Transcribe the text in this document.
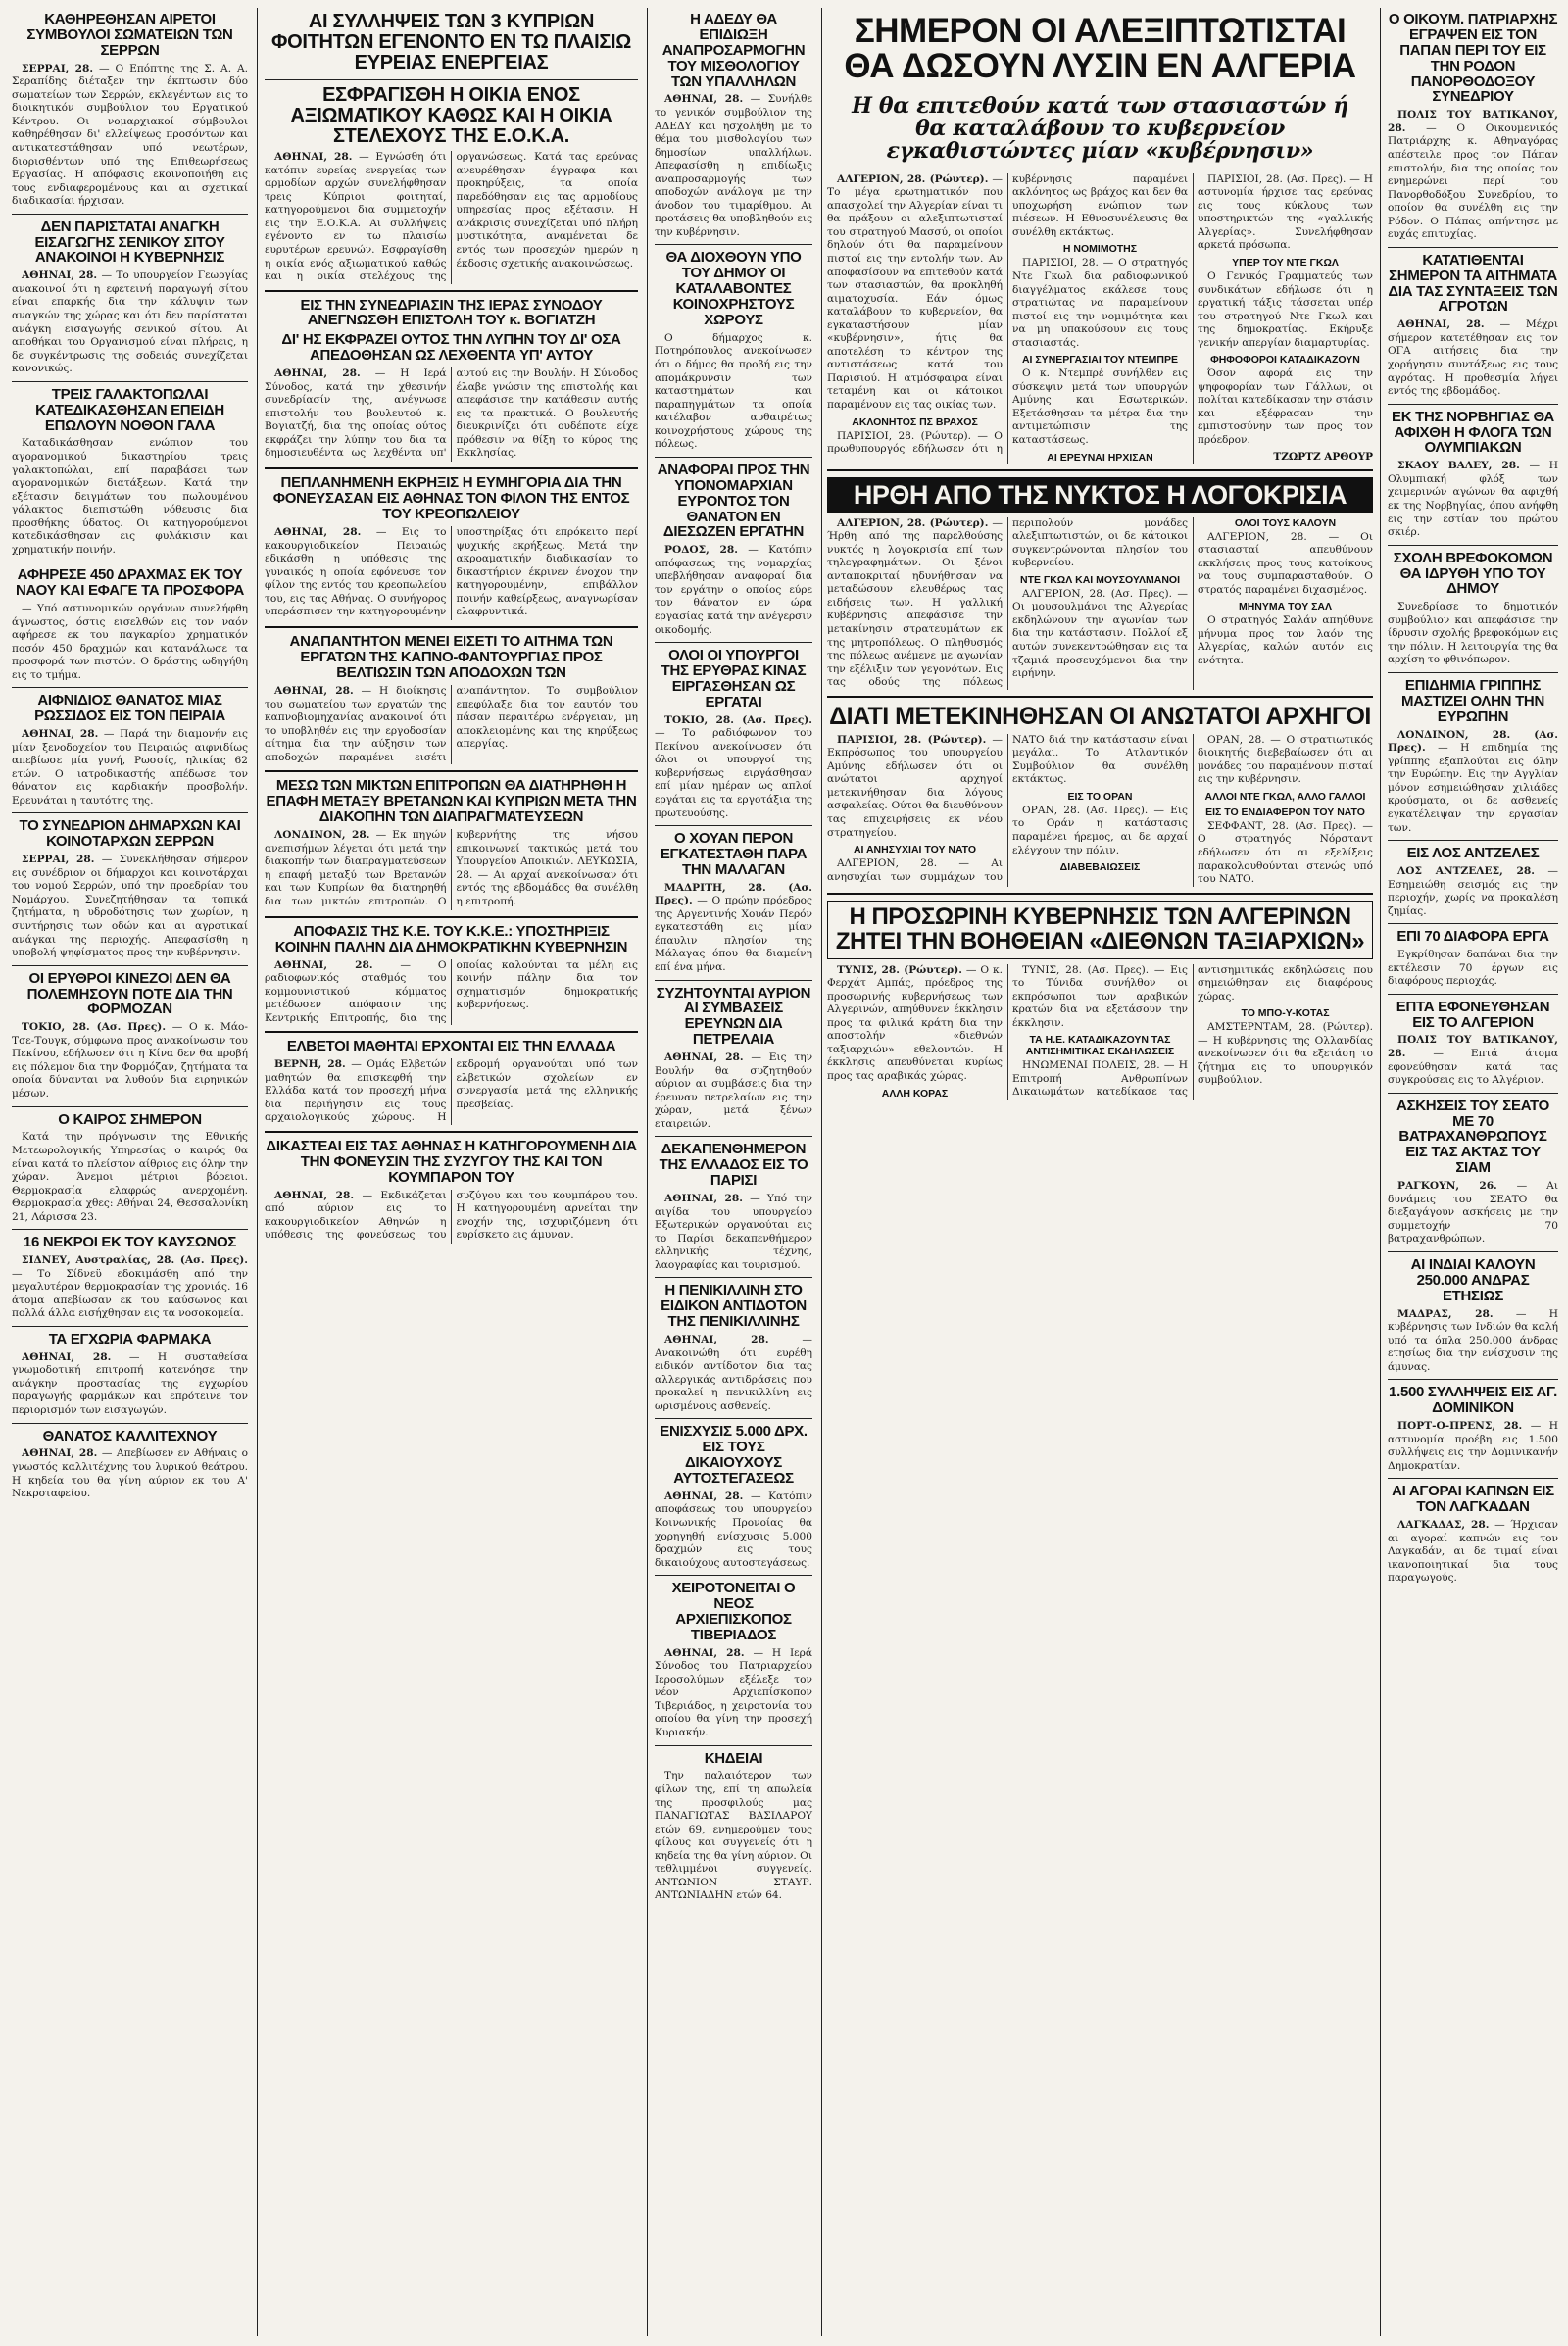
ΚΑΘΗΡΕΘΗΣΑΝ ΑΙΡΕΤΟΙ ΣΥΜΒΟΥΛΟΙ ΣΩΜΑΤΕΙΩΝ ΤΩΝ ΣΕΡΡΩΝ

ΣΕΡΡΑΙ, 28. — Ο Επόπτης της Σ. Α. Α. Σεραπίδης διέταξεν την έκπτωσιν δύο σωματείων των Σερρών, εκλεγέντων εις το διοικητικόν συμβούλιον του Εργατικού Κέντρου. Οι νομαρχιακοί σύμβουλοι καθηρέθησαν δι' ελλείψεως προσόντων και αντικατεστάθησαν υπό νεωτέρων, διορισθέντων υπό της Επιθεωρήσεως Εργασίας. Η απόφασις εκοινοποιήθη εις τους ενδιαφερομένους και αι σχετικαί διαδικασίαι ήρχισαν.

ΔΕΝ ΠΑΡΙΣΤΑΤΑΙ ΑΝΑΓΚΗ ΕΙΣΑΓΩΓΗΣ ΣΕΝΙΚΟΥ ΣΙΤΟΥ ΑΝΑΚΟΙΝΟΙ Η ΚΥΒΕΡΝΗΣΙΣ

ΑΘΗΝΑΙ, 28. — Το υπουργείον Γεωργίας ανακοινοί ότι η εφετεινή παραγωγή σίτου είναι επαρκής δια την κάλυψιν των αναγκών της χώρας και ότι δεν παρίσταται ανάγκη εισαγωγής σενικού σίτου. Αι αποθήκαι του Οργανισμού είναι πλήρεις, η δε συγκέντρωσις της σοδειάς συνεχίζεται κανονικώς.

ΤΡΕΙΣ ΓΑΛΑΚΤΟΠΩΛΑΙ ΚΑΤΕΔΙΚΑΣΘΗΣΑΝ ΕΠΕΙΔΗ ΕΠΩΛΟΥΝ ΝΟΘΟΝ ΓΑΛΑ

Καταδικάσθησαν ενώπιον του αγορανομικού δικαστηρίου τρεις γαλακτοπώλαι, επί παραβάσει των αγορανομικών διατάξεων. Κατά την εξέτασιν δειγμάτων του πωλουμένου γάλακτος διεπιστώθη νόθευσις δια προσθήκης ύδατος. Οι κατηγορούμενοι κατεδικάσθησαν εις φυλάκισιν και χρηματικήν ποινήν.

ΑΦΗΡΕΣΕ 450 ΔΡΑΧΜΑΣ ΕΚ ΤΟΥ ΝΑΟΥ ΚΑΙ ΕΦΑΓΕ ΤΑ ΠΡΟΣΦΟΡΑ

— Υπό αστυνομικών οργάνων συνελήφθη άγνωστος, όστις εισελθών εις τον ναόν αφήρεσε εκ του παγκαρίου χρηματικόν ποσόν 450 δραχμών και κατανάλωσε τα προσφορά των πιστών. Ο δράστης ωδηγήθη εις το τμήμα.

ΑΙΦΝΙΔΙΟΣ ΘΑΝΑΤΟΣ ΜΙΑΣ ΡΩΣΣΙΔΟΣ ΕΙΣ ΤΟΝ ΠΕΙΡΑΙΑ

ΑΘΗΝΑΙ, 28. — Παρά την διαμονήν εις μίαν ξενοδοχείον του Πειραιώς αιφνιδίως απεβίωσε μία γυνή, Ρωσσίς, ηλικίας 62 ετών. Ο ιατροδικαστής απέδωσε τον θάνατον εις καρδιακήν προσβολήν. Ερευνάται η ταυτότης της.

ΤΟ ΣΥΝΕΔΡΙΟΝ ΔΗΜΑΡΧΩΝ ΚΑΙ ΚΟΙΝΟΤΑΡΧΩΝ ΣΕΡΡΩΝ

ΣΕΡΡΑΙ, 28. — Συνεκλήθησαν σήμερον εις συνέδριον οι δήμαρχοι και κοινοτάρχαι του νομού Σερρών, υπό την προεδρίαν του Νομάρχου. Συνεζητήθησαν τα τοπικά ζητήματα, η υδροδότησις των χωρίων, η συντήρησις των οδών και αι αγροτικαί ανάγκαι της περιοχής. Απεφασίσθη η υποβολή ψηφίσματος προς την κυβέρνησιν.

ΟΙ ΕΡΥΘΡΟΙ ΚΙΝΕΖΟΙ ΔΕΝ ΘΑ ΠΟΛΕΜΗΣΟΥΝ ΠΟΤΕ ΔΙΑ ΤΗΝ ΦΟΡΜΟΖΑΝ

ΤΟΚΙΟ, 28. (Ασ. Πρες). — Ο κ. Μάο-Τσε-Τουγκ, σύμφωνα προς ανακοίνωσιν του Πεκίνου, εδήλωσεν ότι η Κίνα δεν θα προβή εις πόλεμον δια την Φορμόζαν, ζητήματα τα οποία δύνανται να λυθούν δια ειρηνικών μέσων.

Ο ΚΑΙΡΟΣ ΣΗΜΕΡΟΝ

Κατά την πρόγνωσιν της Εθνικής Μετεωρολογικής Υπηρεσίας ο καιρός θα είναι κατά το πλείστον αίθριος εις όλην την χώραν. Άνεμοι μέτριοι βόρειοι. Θερμοκρασία ελαφρώς ανερχομένη. Θερμοκρασία χθες: Αθήναι 24, Θεσσαλονίκη 21, Λάρισσα 23.

16 ΝΕΚΡΟΙ ΕΚ ΤΟΥ ΚΑΥΣΩΝΟΣ

ΣΙΔΝΕΥ, Αυστραλίας, 28. (Ασ. Πρες). — Το Σίδνεϋ εδοκιμάσθη από την μεγαλυτέραν θερμοκρασίαν της χρονιάς. 16 άτομα απεβίωσαν εκ του καύσωνος και πολλά άλλα εισήχθησαν εις τα νοσοκομεία.

ΤΑ ΕΓΧΩΡΙΑ ΦΑΡΜΑΚΑ

ΑΘΗΝΑΙ, 28. — Η συσταθείσα γνωμοδοτική επιτροπή κατενόησε την ανάγκην προστασίας της εγχωρίου παραγωγής φαρμάκων και επρότεινε τον περιορισμόν των εισαγωγών.

ΘΑΝΑΤΟΣ ΚΑΛΛΙΤΕΧΝΟΥ

ΑΘΗΝΑΙ, 28. — Απεβίωσεν εν Αθήναις ο γνωστός καλλιτέχνης του λυρικού θεάτρου. Η κηδεία του θα γίνη αύριον εκ του Α' Νεκροταφείου.

ΑΙ ΣΥΛΛΗΨΕΙΣ ΤΩΝ 3 ΚΥΠΡΙΩΝ ΦΟΙΤΗΤΩΝ ΕΓΕΝΟΝΤΟ ΕΝ ΤΩ ΠΛΑΙΣΙΩ ΕΥΡΕΙΑΣ ΕΝΕΡΓΕΙΑΣ
ΕΣΦΡΑΓΙΣΘΗ Η ΟΙΚΙΑ ΕΝΟΣ ΑΞΙΩΜΑΤΙΚΟΥ ΚΑΘΩΣ ΚΑΙ Η ΟΙΚΙΑ ΣΤΕΛΕΧΟΥΣ ΤΗΣ Ε.Ο.Κ.Α.

ΑΘΗΝΑΙ, 28. — Εγνώσθη ότι κατόπιν ευρείας ενεργείας των αρμοδίων αρχών συνελήφθησαν τρεις Κύπριοι φοιτηταί, κατηγορούμενοι δια συμμετοχήν εις την Ε.Ο.Κ.Α. Αι συλλήψεις εγένοντο εν τω πλαισίω ευρυτέρων ερευνών. Εσφραγίσθη η οικία ενός αξιωματικού καθώς και η οικία στελέχους της οργανώσεως. Κατά τας ερεύνας ανευρέθησαν έγγραφα και προκηρύξεις, τα οποία παρεδόθησαν εις τας αρμοδίους υπηρεσίας προς εξέτασιν. Η ανάκρισις συνεχίζεται υπό πλήρη μυστικότητα, αναμένεται δε εντός των προσεχών ημερών η έκδοσις σχετικής ανακοινώσεως.

ΕΙΣ ΤΗΝ ΣΥΝΕΔΡΙΑΣΙΝ ΤΗΣ ΙΕΡΑΣ ΣΥΝΟΔΟΥ ΑΝΕΓΝΩΣΘΗ ΕΠΙΣΤΟΛΗ ΤΟΥ κ. ΒΟΓΙΑΤΖΗ
ΔΙ' ΗΣ ΕΚΦΡΑΖΕΙ ΟΥΤΟΣ ΤΗΝ ΛΥΠΗΝ ΤΟΥ ΔΙ' ΟΣΑ ΑΠΕΔΟΘΗΣΑΝ ΩΣ ΛΕΧΘΕΝΤΑ ΥΠ' ΑΥΤΟΥ

ΑΘΗΝΑΙ, 28. — Η Ιερά Σύνοδος, κατά την χθεσινήν συνεδρίασίν της, ανέγνωσε επιστολήν του βουλευτού κ. Βογιατζή, δια της οποίας ούτος εκφράζει την λύπην του δια τα δημοσιευθέντα ως λεχθέντα υπ' αυτού εις την Βουλήν. Η Σύνοδος έλαβε γνώσιν της επιστολής και απεφάσισε την κατάθεσιν αυτής εις τα πρακτικά. Ο βουλευτής διευκρινίζει ότι ουδέποτε είχε πρόθεσιν να θίξη το κύρος της Εκκλησίας.

ΠΕΠΛΑΝΗΜΕΝΗ ΕΚΡΗΞΙΣ Η ΕΥΜΗΓΟΡΙΑ ΔΙΑ ΤΗΝ ΦΟΝΕΥΣΑΣΑΝ ΕΙΣ ΑΘΗΝΑΣ ΤΟΝ ΦΙΛΟΝ ΤΗΣ ΕΝΤΟΣ ΤΟΥ ΚΡΕΟΠΩΛΕΙΟΥ

ΑΘΗΝΑΙ, 28. — Εις το κακουργιοδικείον Πειραιώς εδικάσθη η υπόθεσις της γυναικός η οποία εφόνευσε τον φίλον της εντός του κρεοπωλείου του, εις τας Αθήνας. Ο συνήγορος υπεράσπισεν την κατηγορουμένην υποστηρίξας ότι επρόκειτο περί ψυχικής εκρήξεως. Μετά την ακροαματικήν διαδικασίαν το δικαστήριον έκρινεν ένοχον την κατηγορουμένην, επιβάλλον ποινήν καθείρξεως, αναγνωρίσαν ελαφρυντικά.

ΑΝΑΠΑΝΤΗΤΟΝ ΜΕΝΕΙ ΕΙΣΕΤΙ ΤΟ ΑΙΤΗΜΑ ΤΩΝ ΕΡΓΑΤΩΝ ΤΗΣ ΚΑΠΝΟ-ΦΑΝΤΟΥΡΓΙΑΣ ΠΡΟΣ ΒΕΛΤΙΩΣΙΝ ΤΩΝ ΑΠΟΔΟΧΩΝ ΤΩΝ

ΑΘΗΝΑΙ, 28. — Η διοίκησις του σωματείου των εργατών της καπνοβιομηχανίας ανακοινοί ότι το υποβληθέν εις την εργοδοσίαν αίτημα δια την αύξησιν των αποδοχών παραμένει εισέτι αναπάντητον. Το συμβούλιον επεφύλαξε δια τον εαυτόν του πάσαν περαιτέρω ενέργειαν, μη αποκλειομένης και της κηρύξεως απεργίας.

ΜΕΣΩ ΤΩΝ ΜΙΚΤΩΝ ΕΠΙΤΡΟΠΩΝ ΘΑ ΔΙΑΤΗΡΗΘΗ Η ΕΠΑΦΗ ΜΕΤΑΞΥ ΒΡΕΤΑΝΩΝ ΚΑΙ ΚΥΠΡΙΩΝ ΜΕΤΑ ΤΗΝ ΔΙΑΚΟΠΗΝ ΤΩΝ ΔΙΑΠΡΑΓΜΑΤΕΥΣΕΩΝ

ΛΟΝΔΙΝΟΝ, 28. — Εκ πηγών ανεπισήμων λέγεται ότι μετά την διακοπήν των διαπραγματεύσεων η επαφή μεταξύ των Βρετανών και των Κυπρίων θα διατηρηθή δια των μικτών επιτροπών. Ο κυβερνήτης της νήσου επικοινωνεί τακτικώς μετά του Υπουργείου Αποικιών. ΛΕΥΚΩΣΙΑ, 28. — Αι αρχαί ανεκοίνωσαν ότι εντός της εβδομάδος θα συνέλθη η επιτροπή.

ΑΠΟΦΑΣΙΣ ΤΗΣ Κ.Ε. ΤΟΥ Κ.Κ.Ε.: ΥΠΟΣΤΗΡΙΞΙΣ ΚΟΙΝΗΝ ΠΑΛΗΝ ΔΙΑ ΔΗΜΟΚΡΑΤΙΚΗΝ ΚΥΒΕΡΝΗΣΙΝ

ΑΘΗΝΑΙ, 28.	— Ο ραδιοφωνικός σταθμός του κομμουνιστικού κόμματος μετέδωσεν απόφασιν της Κεντρικής Επιτροπής, δια της οποίας καλούνται τα μέλη εις κοινήν πάλην δια τον σχηματισμόν δημοκρατικής κυβερνήσεως.

ΕΛΒΕΤΟΙ ΜΑΘΗΤΑΙ ΕΡΧΟΝΤΑΙ ΕΙΣ ΤΗΝ ΕΛΛΑΔΑ

ΒΕΡΝΗ, 28. — Ομάς Ελβετών μαθητών θα επισκεφθή την Ελλάδα κατά τον προσεχή μήνα δια περιήγησιν εις τους αρχαιολογικούς χώρους. Η εκδρομή οργανούται υπό των ελβετικών σχολείων εν συνεργασία μετά της ελληνικής πρεσβείας.

ΔΙΚΑΣΤΕΑΙ ΕΙΣ ΤΑΣ ΑΘΗΝΑΣ Η ΚΑΤΗΓΟΡΟΥΜΕΝΗ ΔΙΑ ΤΗΝ ΦΟΝΕΥΣΙΝ ΤΗΣ ΣΥΖΥΓΟΥ ΤΗΣ ΚΑΙ ΤΟΝ ΚΟΥΜΠΑΡΟΝ ΤΟΥ

ΑΘΗΝΑΙ, 28. — Εκδικάζεται από αύριον εις το κακουργιοδικείον Αθηνών η υπόθεσις της φονεύσεως του συζύγου και του κουμπάρου του. Η κατηγορουμένη αρνείται την ενοχήν της, ισχυριζόμενη ότι ευρίσκετο εις άμυναν.

Η ΑΔΕΔΥ ΘΑ ΕΠΙΔΙΩΞΗ ΑΝΑΠΡΟΣΑΡΜΟΓΗΝ ΤΟΥ ΜΙΣΘΟΛΟΓΙΟΥ ΤΩΝ ΥΠΑΛΛΗΛΩΝ

ΑΘΗΝΑΙ, 28. — Συνήλθε το γενικόν συμβούλιον της ΑΔΕΔΥ και ησχολήθη με το θέμα του μισθολογίου των δημοσίων υπαλλήλων. Απεφασίσθη η επιδίωξις αναπροσαρμογής των αποδοχών ανάλογα με την άνοδον του τιμαρίθμου. Αι προτάσεις θα υποβληθούν εις την κυβέρνησιν.

ΘΑ ΔΙΟΧΘΟΥΝ ΥΠΟ ΤΟΥ ΔΗΜΟΥ ΟΙ ΚΑΤΑΛΑΒΟΝΤΕΣ ΚΟΙΝΟΧΡΗΣΤΟΥΣ ΧΩΡΟΥΣ

Ο δήμαρχος κ. Ποτηρόπουλος ανεκοίνωσεν ότι ο δήμος θα προβή εις την απομάκρυνσιν των καταστημάτων και παραπηγμάτων τα οποία κατέλαβον αυθαιρέτως κοινοχρήστους χώρους της πόλεως.

ΑΝΑΦΟΡΑΙ ΠΡΟΣ ΤΗΝ ΥΠΟΝΟΜΑΡΧΙΑΝ ΕΥΡΟΝΤΟΣ ΤΟΝ ΘΑΝΑΤΟΝ ΕΝ ΔΙΕΣΩΖΕΝ ΕΡΓΑΤΗΝ

ΡΟΔΟΣ, 28. — Κατόπιν απόφασεως της νομαρχίας υπεβλήθησαν αναφοραί δια τον εργάτην ο οποίος εύρε τον θάνατον εν ώρα εργασίας κατά την ανέγερσιν οικοδομής.

ΟΛΟΙ ΟΙ ΥΠΟΥΡΓΟΙ ΤΗΣ ΕΡΥΘΡΑΣ ΚΙΝΑΣ ΕΙΡΓΑΣΘΗΣΑΝ ΩΣ ΕΡΓΑΤΑΙ

ΤΟΚΙΟ, 28. (Ασ. Πρες). — Το ραδιόφωνον του Πεκίνου ανεκοίνωσεν ότι όλοι οι υπουργοί της κυβερνήσεως ειργάσθησαν επί μίαν ημέραν ως απλοί εργάται εις τα εργοτάξια της πρωτευούσης.

Ο ΧΟΥΑΝ ΠΕΡΟΝ ΕΓΚΑΤΕΣΤΑΘΗ ΠΑΡΑ ΤΗΝ ΜΑΛΑΓΑΝ

ΜΑΔΡΙΤΗ, 28. (Ασ. Πρες). — Ο πρώην πρόεδρος της Αργεντινής Χουάν Περόν εγκατεστάθη εις μίαν έπαυλιν πλησίον της Μάλαγας όπου θα διαμείνη επί ένα μήνα.

ΣΥΖΗΤΟΥΝΤΑΙ ΑΥΡΙΟΝ ΑΙ ΣΥΜΒΑΣΕΙΣ ΕΡΕΥΝΩΝ ΔΙΑ ΠΕΤΡΕΛΑΙΑ

ΑΘΗΝΑΙ, 28. — Εις την Βουλήν θα συζητηθούν αύριον αι συμβάσεις δια την έρευναν πετρελαίων εις την χώραν, μετά ξένων εταιρειών.

ΔΕΚΑΠΕΝΘΗΜΕΡΟΝ ΤΗΣ ΕΛΛΑΔΟΣ ΕΙΣ ΤΟ ΠΑΡΙΣΙ

ΑΘΗΝΑΙ, 28. — Υπό την αιγίδα του υπουργείου Εξωτερικών οργανούται εις το Παρίσι δεκαπενθήμερον ελληνικής τέχνης, λαογραφίας και τουρισμού.

Η ΠΕΝΙΚΙΛΛΙΝΗ ΣΤΟ ΕΙΔΙΚΟΝ ΑΝΤΙΔΟΤΟΝ ΤΗΣ ΠΕΝΙΚΙΛΛΙΝΗΣ

ΑΘΗΝΑΙ, 28.	— Ανακοινώθη ότι ευρέθη ειδικόν αντίδοτον δια τας αλλεργικάς αντιδράσεις που προκαλεί η πενικιλλίνη εις ωρισμένους ασθενείς.

ΕΝΙΣΧΥΣΙΣ 5.000 ΔΡΧ. ΕΙΣ ΤΟΥΣ ΔΙΚΑΙΟΥΧΟΥΣ ΑΥΤΟΣΤΕΓΑΣΕΩΣ

ΑΘΗΝΑΙ, 28. — Κατόπιν αποφάσεως του υπουργείου Κοινωνικής Προνοίας θα χορηγηθή ενίσχυσις 5.000 δραχμών εις τους δικαιούχους αυτοστεγάσεως.

ΧΕΙΡΟΤΟΝΕΙΤΑΙ Ο ΝΕΟΣ ΑΡΧΙΕΠΙΣΚΟΠΟΣ ΤΙΒΕΡΙΑΔΟΣ

ΑΘΗΝΑΙ, 28. — Η Ιερά Σύνοδος του Πατριαρχείου Ιεροσολύμων εξέλεξε τον νέον Αρχιεπίσκοπον Τιβεριάδος, η χειροτονία του οποίου θα γίνη την προσεχή Κυριακήν.

ΚΗΔΕΙΑΙ

Την παλαιότερον των φίλων της, επί τη απωλεία της προσφιλούς μας ΠΑΝΑΓΙΩΤΑΣ ΒΑΣΙΛΑΡΟΥ ετών 69, ενημερούμεν τους φίλους και συγγενείς ότι η κηδεία της θα γίνη αύριον. Οι τεθλιμμένοι συγγενείς. ΑΝΤΩΝΙΟΝ ΣΤΑΥΡ. ΑΝΤΩΝΙΑΔΗΝ ετών 64.

ΣΗΜΕΡΟΝ ΟΙ ΑΛΕΞΙΠΤΩΤΙΣΤΑΙ ΘΑ ΔΩΣΟΥΝ ΛΥΣΙΝ ΕΝ ΑΛΓΕΡΙΑ
Η θα επιτεθούν κατά των στασιαστών ή θα καταλάβουν το κυβερνείον εγκαθιστώντες μίαν «κυβέρνησιν»

ΑΛΓΕΡΙΟΝ, 28. (Ρώυτερ). — Το μέγα ερωτηματικόν που απασχολεί την Αλγερίαν είναι τι θα πράξουν οι αλεξιπτωτισταί του στρατηγού Μασσύ, οι οποίοι δηλούν ότι θα παραμείνουν πιστοί εις την εντολήν των. Αν αποφασίσουν να επιτεθούν κατά των στασιαστών, θα προκληθή αιματοχυσία. Εάν όμως καταλάβουν το κυβερνείον, θα εγκαταστήσουν μίαν «κυβέρνησιν», ήτις θα αποτελέση το κέντρον της αντιστάσεως κατά του Παρισιού. Η ατμόσφαιρα είναι τεταμένη και οι κάτοικοι παραμένουν εις τας οικίας των.

ΑΚΛΟΝΗΤΟΣ ΠΣ ΒΡΑΧΟΣ

ΠΑΡΙΣΙΟΙ, 28. (Ρώυτερ). — Ο πρωθυπουργός εδήλωσεν ότι η κυβέρνησις παραμένει ακλόνητος ως βράχος και δεν θα υποχωρήση ενώπιον των πιέσεων. Η Εθνοσυνέλευσις θα συνέλθη εκτάκτως.

Η ΝΟΜΙΜΟΤΗΣ

ΠΑΡΙΣΙΟΙ, 28. — Ο στρατηγός Ντε Γκωλ δια ραδιοφωνικού διαγγέλματος εκάλεσε τους στρατιώτας να παραμείνουν πιστοί εις την νομιμότητα και να μη υπακούσουν εις τους στασιαστάς.

ΑΙ ΣΥΝΕΡΓΑΣΙΑΙ ΤΟΥ ΝΤΕΜΠΡΕ

Ο κ. Ντεμπρέ συνήλθεν εις σύσκεψιν μετά των υπουργών Αμύνης και Εσωτερικών. Εξετάσθησαν τα μέτρα δια την αντιμετώπισιν της καταστάσεως.

ΑΙ ΕΡΕΥΝΑΙ ΗΡΧΙΣΑΝ

ΠΑΡΙΣΙΟΙ, 28. (Ασ. Πρες). — Η αστυνομία ήρχισε τας ερεύνας εις τους κύκλους των υποστηρικτών της «γαλλικής Αλγερίας». Συνελήφθησαν αρκετά πρόσωπα.

ΥΠΕΡ ΤΟΥ ΝΤΕ ΓΚΩΛ

Ο Γενικός Γραμματεύς των συνδικάτων εδήλωσε ότι η εργατική τάξις τάσσεται υπέρ του στρατηγού Ντε Γκωλ και της δημοκρατίας. Εκήρυξε γενικήν απεργίαν διαμαρτυρίας.

ΦΗΦΟΦΟΡΟΙ ΚΑΤΑΔΙΚΑΖΟΥΝ

Όσον αφορά εις την ψηφοφορίαν των Γάλλων, οι πολίται κατεδίκασαν την στάσιν και εξέφρασαν την εμπιστοσύνην των προς τον πρόεδρον.

ΤΖΩΡΤΖ ΑΡΘΟΥΡ
ΗΡΘΗ ΑΠΟ ΤΗΣ ΝΥΚΤΟΣ Η ΛΟΓΟΚΡΙΣΙΑ

ΑΛΓΕΡΙΟΝ, 28. (Ρώυτερ). — Ήρθη από της παρελθούσης νυκτός η λογοκρισία επί των τηλεγραφημάτων. Οι ξένοι ανταποκριταί ηδυνήθησαν να μεταδώσουν ελευθέρως τας ειδήσεις των. Η γαλλική κυβέρνησις απεφάσισε την μετακίνησιν στρατευμάτων εκ της μητροπόλεως. Ο πληθυσμός της πόλεως ανέμενε με αγωνίαν την εξέλιξιν των γεγονότων. Εις τας οδούς της πόλεως περιπολούν μονάδες αλεξιπτωτιστών, οι δε κάτοικοι συγκεντρώνονται πλησίον του κυβερνείου.

ΝΤΕ ΓΚΩΛ ΚΑΙ ΜΟΥΣΟΥΛΜΑΝΟΙ

ΑΛΓΕΡΙΟΝ, 28. (Ασ. Πρες). — Οι μουσουλμάνοι της Αλγερίας εκδηλώνουν την αγωνίαν των δια την κατάστασιν. Πολλοί εξ αυτών συνεκεντρώθησαν εις τα τζαμιά προσευχόμενοι δια την ειρήνην.

ΟΛΟΙ ΤΟΥΣ ΚΑΛΟΥΝ

ΑΛΓΕΡΙΟΝ, 28. — Οι στασιασταί απευθύνουν εκκλήσεις προς τους κατοίκους να τους συμπαρασταθούν. Ο στρατός παραμένει διχασμένος.

ΜΗΝΥΜΑ ΤΟΥ ΣΑΛ

Ο στρατηγός Σαλάν απηύθυνε μήνυμα προς τον λαόν της Αλγερίας, καλών αυτόν εις ενότητα.

ΔΙΑΤΙ ΜΕΤΕΚΙΝΗΘΗΣΑΝ ΟΙ ΑΝΩΤΑΤΟΙ ΑΡΧΗΓΟΙ

ΠΑΡΙΣΙΟΙ, 28. (Ρώυτερ). — Εκπρόσωπος του υπουργείου Αμύνης εδήλωσεν ότι οι ανώτατοι αρχηγοί μετεκινήθησαν δια λόγους ασφαλείας. Ούτοι θα διευθύνουν τας επιχειρήσεις εκ νέου στρατηγείου.

ΑΙ ΑΝΗΣΥΧΙΑΙ ΤΟΥ ΝΑΤΟ

ΑΛΓΕΡΙΟΝ, 28. — Αι ανησυχίαι των συμμάχων του ΝΑΤΟ διά την κατάστασιν είναι μεγάλαι. Το Ατλαντικόν Συμβούλιον θα συνέλθη εκτάκτως.

ΕΙΣ ΤΟ ΟΡΑΝ

ΟΡΑΝ, 28. (Ασ. Πρες). — Εις το Οράν η κατάστασις παραμένει ήρεμος, αι δε αρχαί ελέγχουν την πόλιν.

ΔΙΑΒΕΒΑΙΩΣΕΙΣ

ΟΡΑΝ, 28. — Ο στρατιωτικός διοικητής διεβεβαίωσεν ότι αι μονάδες του παραμένουν πισταί εις την κυβέρνησιν.

ΑΛΛΟΙ ΝΤΕ ΓΚΩΛ, ΑΛΛΟ ΓΑΛΛΟΙ
ΕΙΣ ΤΟ ΕΝΔΙΑΦΕΡΟΝ ΤΟΥ ΝΑΤΟ

ΣΕΦΦΑΝΤ, 28. (Ασ. Πρες). — Ο στρατηγός Νόρσταντ εδήλωσεν ότι αι εξελίξεις παρακολουθούνται στενώς υπό του ΝΑΤΟ.

Η ΠΡΟΣΩΡΙΝΗ ΚΥΒΕΡΝΗΣΙΣ ΤΩΝ ΑΛΓΕΡΙΝΩΝ ΖΗΤΕΙ ΤΗΝ ΒΟΗΘΕΙΑΝ «ΔΙΕΘΝΩΝ ΤΑΞΙΑΡΧΙΩΝ»

ΤΥΝΙΣ, 28. (Ρώυτερ). — Ο κ. Φερχάτ Αμπάς, πρόεδρος της προσωρινής κυβερνήσεως των Αλγερινών, απηύθυνεν έκκλησιν προς τα φιλικά κράτη δια την αποστολήν «διεθνών ταξιαρχιών» εθελοντών. Η έκκλησις απευθύνεται κυρίως προς τας αραβικάς χώρας.

ΑΛΛΗ ΚΟΡΑΣ

ΤΥΝΙΣ, 28. (Ασ. Πρες). — Εις το Τύνιδα συνήλθον οι εκπρόσωποι των αραβικών κρατών δια να εξετάσουν την έκκλησιν.

ΤΑ Η.Ε. ΚΑΤΑΔΙΚΑΖΟΥΝ ΤΑΣ ΑΝΤΙΣΗΜΙΤΙΚΑΣ ΕΚΔΗΛΩΣΕΙΣ

ΗΝΩΜΕΝΑΙ ΠΟΛΕΙΣ, 28. — Η Επιτροπή Ανθρωπίνων Δικαιωμάτων κατεδίκασε τας αντισημιτικάς εκδηλώσεις που σημειώθησαν εις διαφόρους χώρας.

ΤΟ ΜΠΟ-Υ-ΚΟΤΑΣ

ΑΜΣΤΕΡΝΤΑΜ, 28. (Ρώυτερ). — Η κυβέρνησις της Ολλανδίας ανεκοίνωσεν ότι θα εξετάση το ζήτημα εις το υπουργικόν συμβούλιον.

Ο ΟΙΚΟΥΜ. ΠΑΤΡΙΑΡΧΗΣ ΕΓΡΑΨΕΝ ΕΙΣ ΤΟΝ ΠΑΠΑΝ ΠΕΡΙ ΤΟΥ ΕΙΣ ΤΗΝ ΡΟΔΟΝ ΠΑΝΟΡΘΟΔΟΞΟΥ ΣΥΝΕΔΡΙΟΥ

ΠΟΛΙΣ ΤΟΥ ΒΑΤΙΚΑΝΟΥ, 28. — Ο Οικουμενικός Πατριάρχης κ. Αθηναγόρας απέστειλε προς τον Πάπαν επιστολήν, δια της οποίας τον ενημερώνει περί του Πανορθοδόξου Συνεδρίου, το οποίον θα συνέλθη εις την Ρόδον. Ο Πάπας απήντησε με ευχάς επιτυχίας.

ΚΑΤΑΤΙΘΕΝΤΑΙ ΣΗΜΕΡΟΝ ΤΑ ΑΙΤΗΜΑΤΑ ΔΙΑ ΤΑΣ ΣΥΝΤΑΞΕΙΣ ΤΩΝ ΑΓΡΟΤΩΝ

ΑΘΗΝΑΙ, 28. — Μέχρι σήμερον κατετέθησαν εις τον ΟΓΑ αιτήσεις δια την χορήγησιν συντάξεως εις τους αγρότας. Η προθεσμία λήγει εντός της εβδομάδος.

ΕΚ ΤΗΣ ΝΟΡΒΗΓΙΑΣ ΘΑ ΑΦΙΧΘΗ Η ΦΛΟΓΑ ΤΩΝ ΟΛΥΜΠΙΑΚΩΝ

ΣΚΑΟΥ ΒΑΛΕΥ, 28. — Η Ολυμπιακή φλόξ των χειμερινών αγώνων θα αφιχθή εκ της Νορβηγίας, όπου ανήφθη εις την εστίαν του πρώτου σκιέρ.

ΣΧΟΛΗ ΒΡΕΦΟΚΟΜΩΝ ΘΑ ΙΔΡΥΘΗ ΥΠΟ ΤΟΥ ΔΗΜΟΥ

Συνεδρίασε το δημοτικόν συμβούλιον και απεφάσισε την ίδρυσιν σχολής βρεφοκόμων εις την πόλιν. Η λειτουργία της θα αρχίση το φθινόπωρον.

ΕΠΙΔΗΜΙΑ ΓΡΙΠΠΗΣ ΜΑΣΤΙΖΕΙ ΟΛΗΝ ΤΗΝ ΕΥΡΩΠΗΝ

ΛΟΝΔΙΝΟΝ, 28. (Ασ. Πρες). — Η επιδημία της γρίππης εξαπλούται εις όλην την Ευρώπην. Εις την Αγγλίαν μόνον εσημειώθησαν χιλιάδες κρούσματα, οι δε ασθενείς εγκατέλειψαν την εργασίαν των.

ΕΙΣ ΛΟΣ ΑΝΤΖΕΛΕΣ

ΛΟΣ ΑΝΤΖΕΛΕΣ, 28. — Εσημειώθη σεισμός εις την περιοχήν, χωρίς να προκαλέση ζημίας.

ΕΠΙ 70 ΔΙΑΦΟΡΑ ΕΡΓΑ

Εγκρίθησαν δαπάναι δια την εκτέλεσιν 70 έργων εις διαφόρους περιοχάς.

ΕΠΤΑ ΕΦΟΝΕΥΘΗΣΑΝ ΕΙΣ ΤΟ ΑΛΓΕΡΙΟΝ

ΠΟΛΙΣ ΤΟΥ ΒΑΤΙΚΑΝΟΥ, 28.	— Επτά άτομα εφονεύθησαν κατά τας συγκρούσεις εις το Αλγέριον.

ΑΣΚΗΣΕΙΣ ΤΟΥ ΣΕΑΤΟ ΜΕ 70 ΒΑΤΡΑΧΑΝΘΡΩΠΟΥΣ ΕΙΣ ΤΑΣ ΑΚΤΑΣ ΤΟΥ ΣΙΑΜ

ΡΑΓΚΟΥΝ, 26. — Αι δυνάμεις του ΣΕΑΤΟ θα διεξαγάγουν ασκήσεις με την συμμετοχήν 70 βατραχανθρώπων.

ΑΙ ΙΝΔΙΑΙ ΚΑΛΟΥΝ 250.000 ΑΝΔΡΑΣ ΕΤΗΣΙΩΣ

ΜΑΔΡΑΣ, 28. — Η κυβέρνησις των Ινδιών θα καλή υπό τα όπλα 250.000 άνδρας ετησίως δια την ενίσχυσιν της άμυνας.

1.500 ΣΥΛΛΗΨΕΙΣ ΕΙΣ ΑΓ. ΔΟΜΙΝΙΚΟΝ

ΠΟΡΤ-Ο-ΠΡΕΝΣ, 28. — Η αστυνομία προέβη εις 1.500 συλλήψεις εις την Δομινικανήν Δημοκρατίαν.

ΑΙ ΑΓΟΡΑΙ ΚΑΠΝΩΝ ΕΙΣ ΤΟΝ ΛΑΓΚΑΔΑΝ

ΛΑΓΚΑΔΑΣ, 28. — Ήρχισαν αι αγοραί καπνών εις τον Λαγκαδάν, αι δε τιμαί είναι ικανοποιητικαί δια τους παραγωγούς.
